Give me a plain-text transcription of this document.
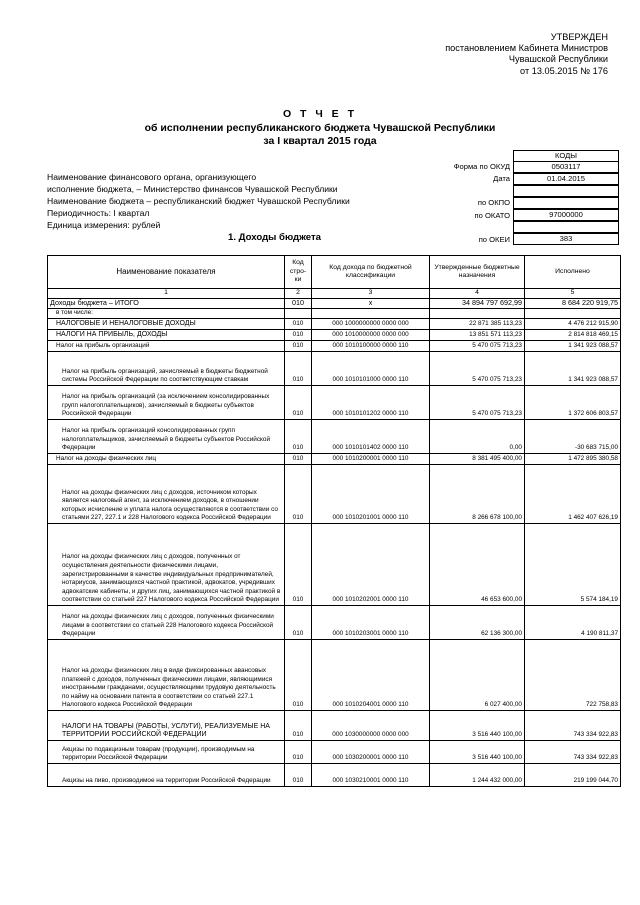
УТВЕРЖДЕН
постановлением Кабинета Министров
Чувашской Республики
от 13.05.2015 № 176
О Т Ч Е Т
об исполнении республиканского бюджета Чувашской Республики
за I квартал 2015 года
КОДЫ
Форма по ОКУД	0503117
Дата	01.04.2015
по ОКПО
по ОКАТО	97000000
по ОКЕИ	383
Наименование финансового органа, организующего
исполнение бюджета, – Министерство финансов Чувашской Республики
Наименование бюджета – республиканский бюджет Чувашской Республики
Периодичность: I квартал
Единица измерения: рублей
1. Доходы бюджета
Наименование показателя	Код стро-ки	Код дохода по бюджетной классификации	Утвержденные бюджетные назначения	Исполнено
1	2	3	4	5
Доходы бюджета – ИТОГО	010	x	34 894 797 692,99	8 684 220 919,75
в том числе:				
НАЛОГОВЫЕ И НЕНАЛОГОВЫЕ ДОХОДЫ	010	000 1000000000 0000 000	22 871 385 113,23	4 476 212 915,90
НАЛОГИ НА ПРИБЫЛЬ, ДОХОДЫ	010	000 1010000000 0000 000	13 851 571 113,23	2 814 818 469,15
Налог на прибыль организаций	010	000 1010100000 0000 110	5 470 075 713,23	1 341 923 088,57
Налог на прибыль организаций, зачисляемый в бюджеты бюджетной системы Российской Федерации по соответствующим ставкам	010	000 1010101000 0000 110	5 470 075 713,23	1 341 923 088,57
Налог на прибыль организаций (за исключением консолидированных групп налогоплательщиков), зачисляемый в бюджеты субъектов Российской Федерации	010	000 1010101202 0000 110	5 470 075 713,23	1 372 606 803,57
Налог на прибыль организаций консолидированных групп налогоплательщиков, зачисляемый в бюджеты субъектов Российской Федерации	010	000 1010101402 0000 110	0,00	-30 683 715,00
Налог на доходы физических лиц	010	000 1010200001 0000 110	8 381 495 400,00	1 472 895 380,58
Налог на доходы физических лиц с доходов, источником которых является налоговый агент, за исключением доходов, в отношении которых исчисление и уплата налога осуществляются в соответствии со статьями 227, 227.1 и 228 Налогового кодекса Российской Федерации	010	000 1010201001 0000 110	8 266 678 100,00	1 462 407 626,19
Налог на доходы физических лиц с доходов, полученных от осуществления деятельности физическими лицами, зарегистрированными в качестве индивидуальных предпринимателей, нотариусов, занимающихся частной практикой, адвокатов, учредивших адвокатские кабинеты, и других лиц, занимающихся частной практикой в соответствии со статьей 227 Налогового кодекса Российской Федерации	010	000 1010202001 0000 110	46 653 600,00	5 574 184,19
Налог на доходы физических лиц с доходов, полученных физическими лицами в соответствии со статьей 228 Налогового кодекса Российской Федерации	010	000 1010203001 0000 110	62 136 300,00	4 190 811,37
Налог на доходы физических лиц в виде фиксированных авансовых платежей с доходов, полученных физическими лицами, являющимися иностранными гражданами, осуществляющими трудовую деятельность по найму на основании патента в соответствии со статьей 227.1 Налогового кодекса Российской Федерации	010	000 1010204001 0000 110	6 027 400,00	722 758,83
НАЛОГИ НА ТОВАРЫ (РАБОТЫ, УСЛУГИ), РЕАЛИЗУЕМЫЕ НА ТЕРРИТОРИИ РОССИЙСКОЙ ФЕДЕРАЦИИ	010	000 1030000000 0000 000	3 516 440 100,00	743 334 922,83
Акцизы по подакцизным товарам (продукции), производимым на территории Российской Федерации	010	000 1030200001 0000 110	3 516 440 100,00	743 334 922,83
Акцизы на пиво, производимое на территории Российской Федерации	010	000 1030210001 0000 110	1 244 432 000,00	219 199 044,70
